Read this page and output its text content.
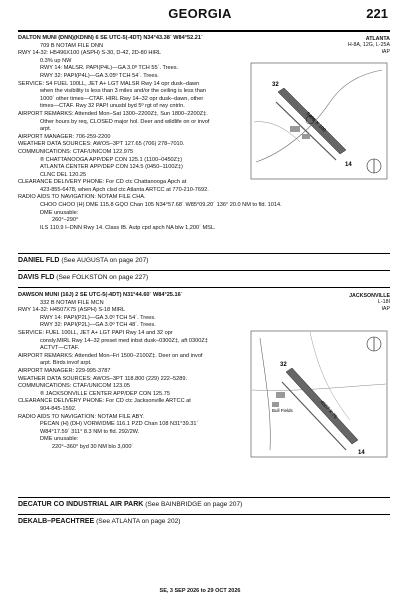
GEORGIA	221
ATLANTA
H-8A, 12G, L-25A
IAP
DALTON MUNI (DNN)(KDNN) 6 SE UTC-5(-4DT) N34°43.38´ W84°52.21´
709 B NOTAM FILE DNN
RWY 14-32: H5496X100 (ASPH) S-30, D-42, 2D-80 HIRL
0.3% up NW
RWY 14: MALSR. PAPI(P4L)—GA 3.0º TCH 55´. Trees.
RWY 32: PAPI(P4L)—GA 3.05º TCH 54´. Trees.
SERVICE: S4 FUEL 100LL, JET A+ LGT MALSR Rwy 14 opr dusk–dawn
when the visibility is less than 3 miles and/or the ceiling is less than
1000´ other times—CTAF. HIRL Rwy 14–32 opr dusk–dawn, other
times—CTAF. Rwy 32 PAPI unusbl byd 5º rgt of rwy cntrln.
AIRPORT REMARKS: Attended Mon–Sat 1300–2200Z‡, Sun 1800–2200Z‡.
Other hours by req, CLOSED major hol. Deer and wildlife on or invof
arpt.
AIRPORT MANAGER: 706-259-2200
WEATHER DATA SOURCES: AWOS–3PT 127.65 (706) 278–7010.
COMMUNICATIONS: CTAF/UNICOM 122.975
® CHATTANOOGA APP/DEP CON 125.1 (1100–0450Z‡)
ATLANTA CENTER APP/DEP CON 124.5 (0450–1100Z‡)
CLNC DEL 120.25
CLEARANCE DELIVERY PHONE: For CD ctc Chattanooga Apch at
423-855-6478, when Apch clsd ctc Atlanta ARTCC at 770-210-7692.
RADIO AIDS TO NAVIGATION: NOTAM FILE CHA.
CHOO CHOO (H) DME 115.8 GQO Chan 105 N34°57.68´ W85°09.20´ 136° 20.0 NM to fld. 1014.
DME unusable:
260°–290°
ILS 110.9 I–DNN Rwy 14. Class IB. Autp cpd apch NA blw 1,200´ MSL.
5496 X 100
32
14
DANIEL FLD (See AUGUSTA on page 207)
DAVIS FLD (See FOLKSTON on page 227)
JACKSONVILLE
L-18I
IAP
DAWSON MUNI (16J) 2 SE UTC-5(-4DT) N31°44.60´ W84°25.16´
332 B NOTAM FILE MCN
RWY 14-32: H4507X75 (ASPH) S-18 MIRL
RWY 14: PAPI(P2L)—GA 3.0º TCH 54´. Trees.
RWY 32: PAPI(P2L)—GA 3.0º TCH 48´. Trees.
SERVICE: FUEL 100LL, JET A+ LGT PAPI Rwy 14 and 32 opr
consly.MIRL Rwy 14–32 preset med inbst dusk–0300Z‡, aft 0300Z‡
ACTVT—CTAF.
AIRPORT REMARKS: Attended Mon–Fri 1500–2100Z‡. Deer on and invof
arpt. Birds invof arpt.
AIRPORT MANAGER: 229-995-3787
WEATHER DATA SOURCES: AWOS–3PT 118.800 (229) 222–5289.
COMMUNICATIONS: CTAF/UNICOM 123.05
® JACKSONVILLE CENTER APP/DEP CON 125.75
CLEARANCE DELIVERY PHONE: For CD ctc Jacksonville ARTCC at
904-845-1592.
RADIO AIDS TO NAVIGATION: NOTAM FILE ABY.
PECAN (H) (DH) VORW/DME 116.1 PZD Chan 108 N31°39.31´
W84°17.59´ 311° 8.3 NM to fld. 292/2W.
DME unusable:
220°–360° byd 30 NM blo 3,000´
Bull Fields	4507 X 75
32
14
DECATUR CO INDUSTRIAL AIR PARK (See BAINBRIDGE on page 207)
DEKALB–PEACHTREE (See ATLANTA on page 202)
SE, 3 SEP 2026 to 29 OCT 2026
